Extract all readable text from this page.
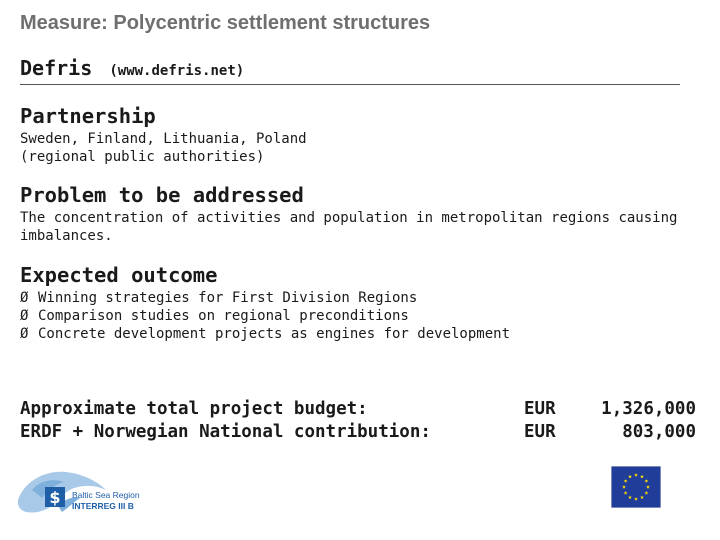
Measure: Polycentric settlement structures
Defris (www.defris.net)
Partnership
Sweden, Finland, Lithuania, Poland
(regional public authorities)
Problem to be addressed
The concentration of activities and population in metropolitan regions causing
imbalances.
Expected outcome
Ø Winning strategies for First Division Regions
Ø Comparison studies on regional preconditions
Ø Concrete development projects as engines for development
Approximate total project budget:
ERDF + Norwegian National contribution:
EUR	1,326,000
EUR	803,000
$ Baltic Sea Region
INTERREG III B
